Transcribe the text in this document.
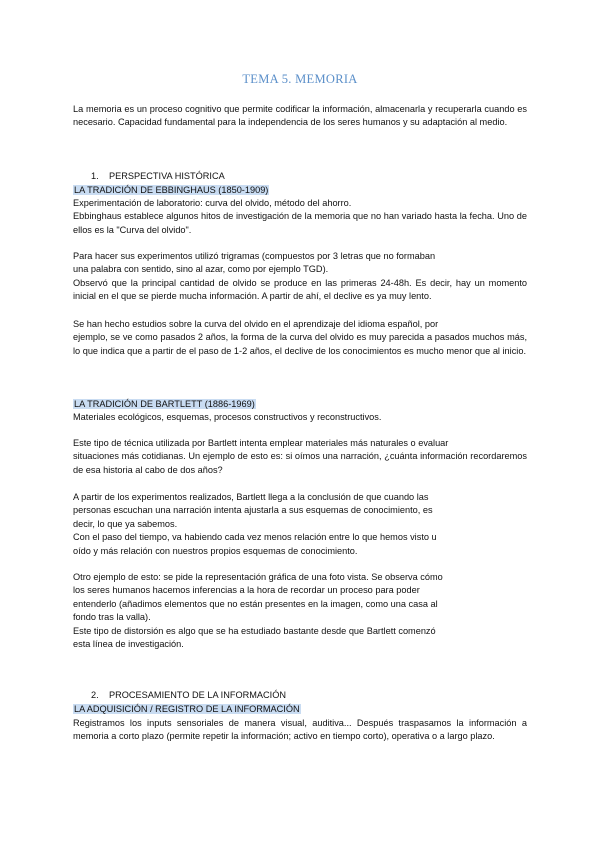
TEMA 5. MEMORIA

La memoria es un proceso cognitivo que permite codificar la información, almacenarla y recuperarla cuando es necesario. Capacidad fundamental para la independencia de los seres humanos y su adaptación al medio.

1. PERSPECTIVA HISTÓRICA
LA TRADICIÓN DE EBBINGHAUS (1850-1909)

Experimentación de laboratorio: curva del olvido, método del ahorro.

Ebbinghaus establece algunos hitos de investigación de la memoria que no han variado hasta la fecha. Uno de ellos es la "Curva del olvido".

Para hacer sus experimentos utilizó trigramas (compuestos por 3 letras que no formaban

una palabra con sentido, sino al azar, como por ejemplo TGD).

Observó que la principal cantidad de olvido se produce en las primeras 24-48h. Es decir, hay un momento inicial en el que se pierde mucha información. A partir de ahí, el declive es ya muy lento.

Se han hecho estudios sobre la curva del olvido en el aprendizaje del idioma español, por

ejemplo, se ve como pasados 2 años, la forma de la curva del olvido es muy parecida a pasados muchos más, lo que indica que a partir de el paso de 1-2 años, el declive de los conocimientos es mucho menor que al inicio.

LA TRADICIÓN DE BARTLETT (1886-1969)

Materiales ecológicos, esquemas, procesos constructivos y reconstructivos.

Este tipo de técnica utilizada por Bartlett intenta emplear materiales más naturales o evaluar

situaciones más cotidianas. Un ejemplo de esto es: si oímos una narración, ¿cuánta información recordaremos de esa historia al cabo de dos años?

A partir de los experimentos realizados, Bartlett llega a la conclusión de que cuando las

personas escuchan una narración intenta ajustarla a sus esquemas de conocimiento, es

decir, lo que ya sabemos.

Con el paso del tiempo, va habiendo cada vez menos relación entre lo que hemos visto u

oído y más relación con nuestros propios esquemas de conocimiento.

Otro ejemplo de esto: se pide la representación gráfica de una foto vista. Se observa cómo

los seres humanos hacemos inferencias a la hora de recordar un proceso para poder

entenderlo (añadimos elementos que no están presentes en la imagen, como una casa al

fondo tras la valla).

Este tipo de distorsión es algo que se ha estudiado bastante desde que Bartlett comenzó

esta línea de investigación.

2. PROCESAMIENTO DE LA INFORMACIÓN
LA ADQUISICIÓN / REGISTRO DE LA INFORMACIÓN

Registramos los inputs sensoriales de manera visual, auditiva... Después traspasamos la información a memoria a corto plazo (permite repetir la información; activo en tiempo corto), operativa o a largo plazo.
